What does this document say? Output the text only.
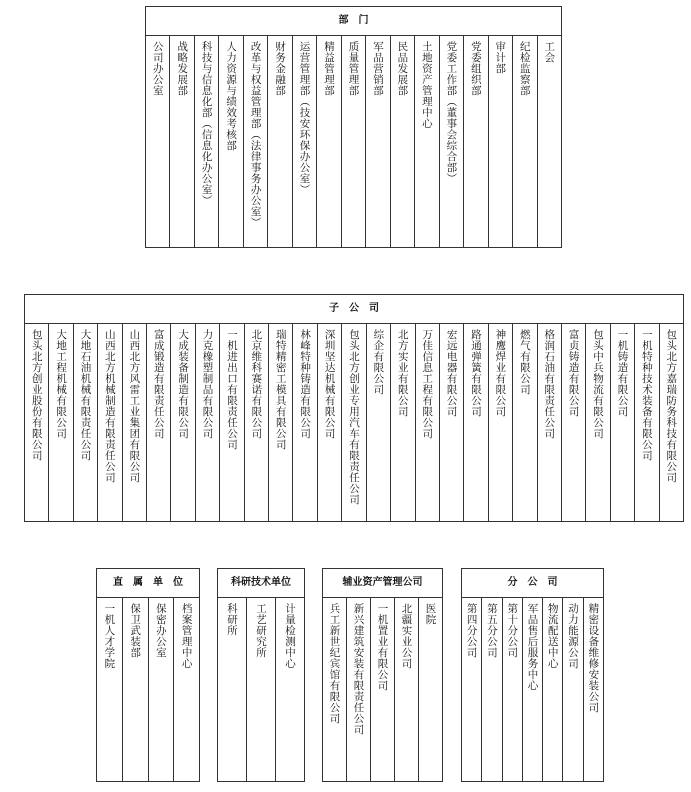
部　门
公司办公室 战略发展部 科技与信息化部（信息化办公室） 人力资源与绩效考核部 改革与权益管理部（法律事务办公室） 财务金融部 运营管理部（技安环保办公室） 精益管理部 质量管理部 军品营销部 民品发展部 土地资产管理中心 党委工作部（董事会综合部） 党委组织部 审计部 纪检监察部 工会
子　公　司
包头北方创业股份有限公司 大地工程机械有限公司 大地石油机械有限责任公司 山西北方机械制造有限责任公司 山西北方风雷工业集团有限公司 富成锻造有限责任公司 大成装备制造有限公司 力克橡塑制品有限公司 一机进出口有限责任公司 北京维科赛诺有限公司 瑞特精密工模具有限公司 林峰特种铸造有限公司 深圳坚达机械有限公司 包头北方创业专用汽车有限责任公司 综企有限公司 北方实业有限公司 万佳信息工程有限公司 宏远电器有限公司 路通弹簧有限公司 神鹰焊业有限公司 燃气有限公司 格润石油有限责任公司 富贞铸造有限公司 包头中兵物流有限公司 一机铸造有限公司 一机特种技术装备有限公司 包头北方嘉瑞防务科技有限公司
直　属　单　位
一机人才学院 保卫武装部 保密办公室 档案管理中心
科研技术单位
科研所 工艺研究所 计量检测中心
辅业资产管理公司
兵工新世纪宾馆有限公司 新兴建筑安装有限责任公司 一机置业有限公司 北疆实业公司 医院
分　公　司
第四分公司 第五分公司 第十分公司 军品售后服务中心 物流配送中心 动力能源公司 精密设备维修安装公司
